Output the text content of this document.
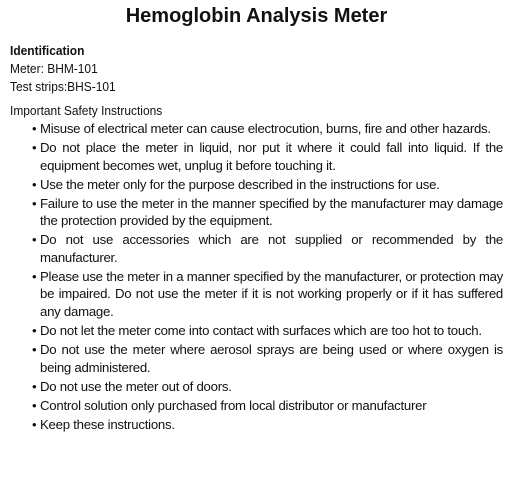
Hemoglobin Analysis Meter
Identification
Meter: BHM-101
Test strips:BHS-101
Important Safety Instructions
• Misuse of electrical meter can cause electrocution, burns, fire and other hazards.
• Do not place the meter in liquid, nor put it where it could fall into liquid. If the equipment becomes wet, unplug it before touching it.
• Use the meter only for the purpose described in the instructions for use.
• Failure to use the meter in the manner specified by the manufacturer may damage the protection provided by the equipment.
• Do not use accessories which are not supplied or recommended by the manufacturer.
• Please use the meter in a manner specified by the manufacturer, or protection may be impaired. Do not use the meter if it is not working properly or if it has suffered any damage.
• Do not let the meter come into contact with surfaces which are too hot to touch.
• Do not use the meter where aerosol sprays are being used or where oxygen is being administered.
• Do not use the meter out of doors.
• Control solution only purchased from local distributor or manufacturer
• Keep these instructions.
